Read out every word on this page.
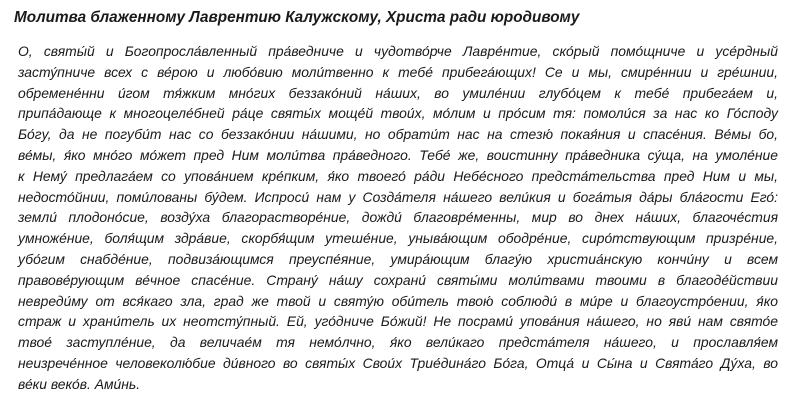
Молитва блаженному Лаврентию Калужскому, Христа ради юродивому
О, святы́й и Богопросла́вленный пра́ведниче и чудотво́рче Лавре́нтие, ско́рый помо́щниче и усе́рдный
засту́пниче всех с ве́рою и любо́вию моли́твенно к тебе́ прибега́ющих! Се и мы, смире́ннии и гре́шнии,
обремене́нни и́гом тя́жким мно́гих беззако́ний на́ших, во умиле́нии глубо́цем к тебе́ прибега́ем и,
припа́дающе к многоцеле́бней ра́це святы́х моще́й твои́х, мо́лим и про́сим тя: помоли́ся за нас ко Го́споду
Бо́гу, да не погуби́т нас со беззако́нии на́шими, но обрати́т нас на стезю́ покая́ния и спасе́ния. Ве́мы бо,
ве́мы, я́ко мно́го мо́жет пред Ним моли́тва пра́ведного. Тебе́ же, воистинну пра́ведника су́ща, на умоле́ние
к Нему́ предлага́ем со упова́нием кре́пким, я́ко твоего́ ра́ди Небе́сного предста́тельства пред Ним и мы,
недосто́йнии, поми́лованы бу́дем. Испроси́ нам у Созда́теля на́шего вели́кия и бога́тыя да́ры бла́гости Его́:
земли́ плодоно́сие, возду́ха благорастворе́ние, дожди́ благовре́менны, мир во днех на́ших, благоче́стия
умноже́ние, боля́щим здра́вие, скорбя́щим утеше́ние, уныва́ющим ободре́ние, сиро́тствующим призре́ние,
убо́гим снабде́ние, подвиза́ющимся преуспе́яние, умира́ющим благу́ю христиа́нскую кончи́ну и всем
правове́рующим ве́чное спасе́ние. Страну́ на́шу сохрани́ святы́ми моли́твами твоими в благоде́йствии
невреди́му от вся́каго зла, град же твой и святу́ю оби́тель твою́ соблюди́ в ми́ре и благоустро́ении, я́ко
страж и храни́тель их неотсту́пный. Ей, уго́дниче Бо́жий! Не посрами́ упова́ния на́шего, но яви́ нам свято́е
твое́ заступле́ние, да величае́м тя немо́лчно, я́ко вели́каго предста́теля на́шего, и прославля́ем
неизрече́нное человеколю́бие ди́вного во святы́х Свои́х Трие́дина́го Бо́га, Отца́ и Сы́на и Свята́го Ду́ха, во
ве́ки веко́в. Ами́нь.
